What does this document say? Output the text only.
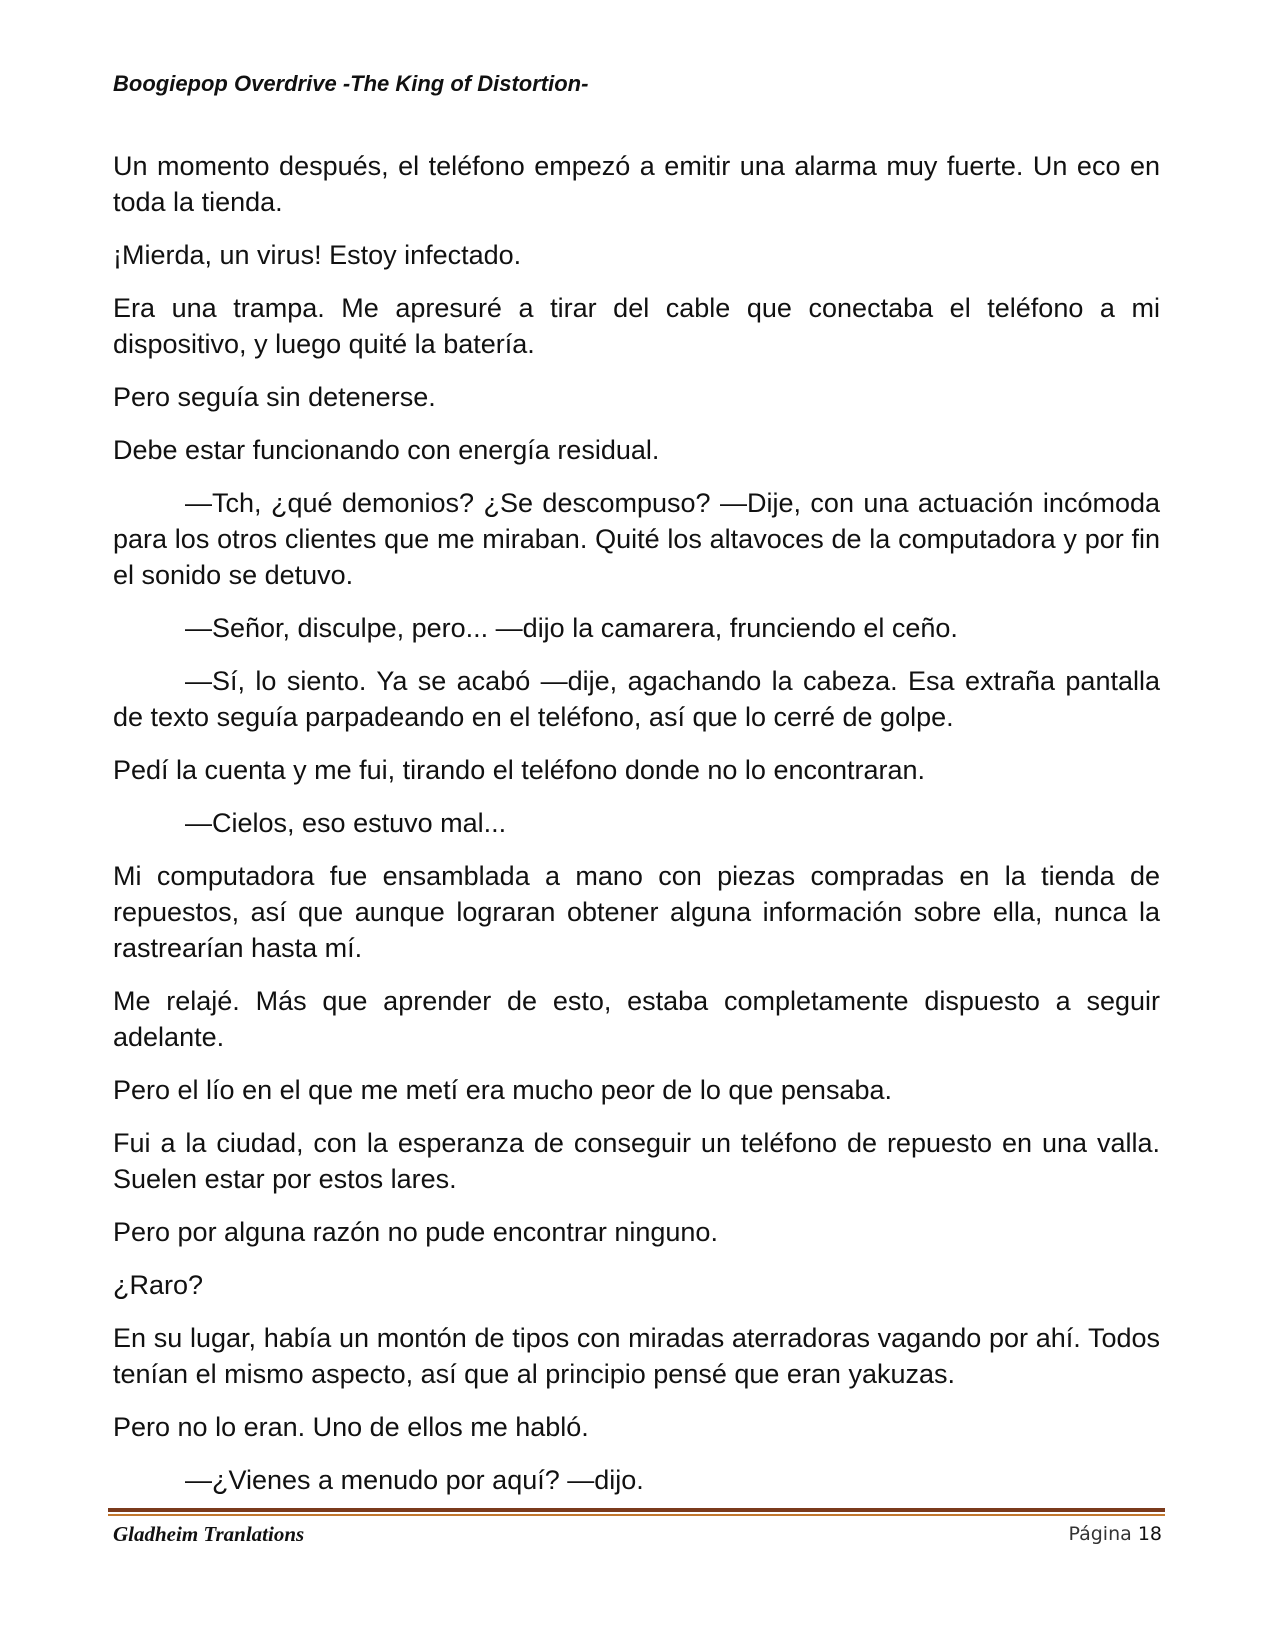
Boogiepop Overdrive -The King of Distortion-

Un momento después, el teléfono empezó a emitir una alarma muy fuerte. Un eco en toda la tienda.

¡Mierda, un virus! Estoy infectado.

Era una trampa. Me apresuré a tirar del cable que conectaba el teléfono a mi dispositivo, y luego quité la batería.

Pero seguía sin detenerse.

Debe estar funcionando con energía residual.

—Tch, ¿qué demonios? ¿Se descompuso? —Dije, con una actuación incómoda para los otros clientes que me miraban. Quité los altavoces de la computadora y por fin el sonido se detuvo.

—Señor, disculpe, pero... —dijo la camarera, frunciendo el ceño.

—Sí, lo siento. Ya se acabó —dije, agachando la cabeza. Esa extraña pantalla de texto seguía parpadeando en el teléfono, así que lo cerré de golpe.

Pedí la cuenta y me fui, tirando el teléfono donde no lo encontraran.

—Cielos, eso estuvo mal...

Mi computadora fue ensamblada a mano con piezas compradas en la tienda de repuestos, así que aunque lograran obtener alguna información sobre ella, nunca la rastrearían hasta mí.

Me relajé. Más que aprender de esto, estaba completamente dispuesto a seguir adelante.

Pero el lío en el que me metí era mucho peor de lo que pensaba.

Fui a la ciudad, con la esperanza de conseguir un teléfono de repuesto en una valla. Suelen estar por estos lares.

Pero por alguna razón no pude encontrar ninguno.

¿Raro?

En su lugar, había un montón de tipos con miradas aterradoras vagando por ahí. Todos tenían el mismo aspecto, así que al principio pensé que eran yakuzas.

Pero no lo eran. Uno de ellos me habló.

—¿Vienes a menudo por aquí? —dijo.

Gladheim Tranlations	Página 18
